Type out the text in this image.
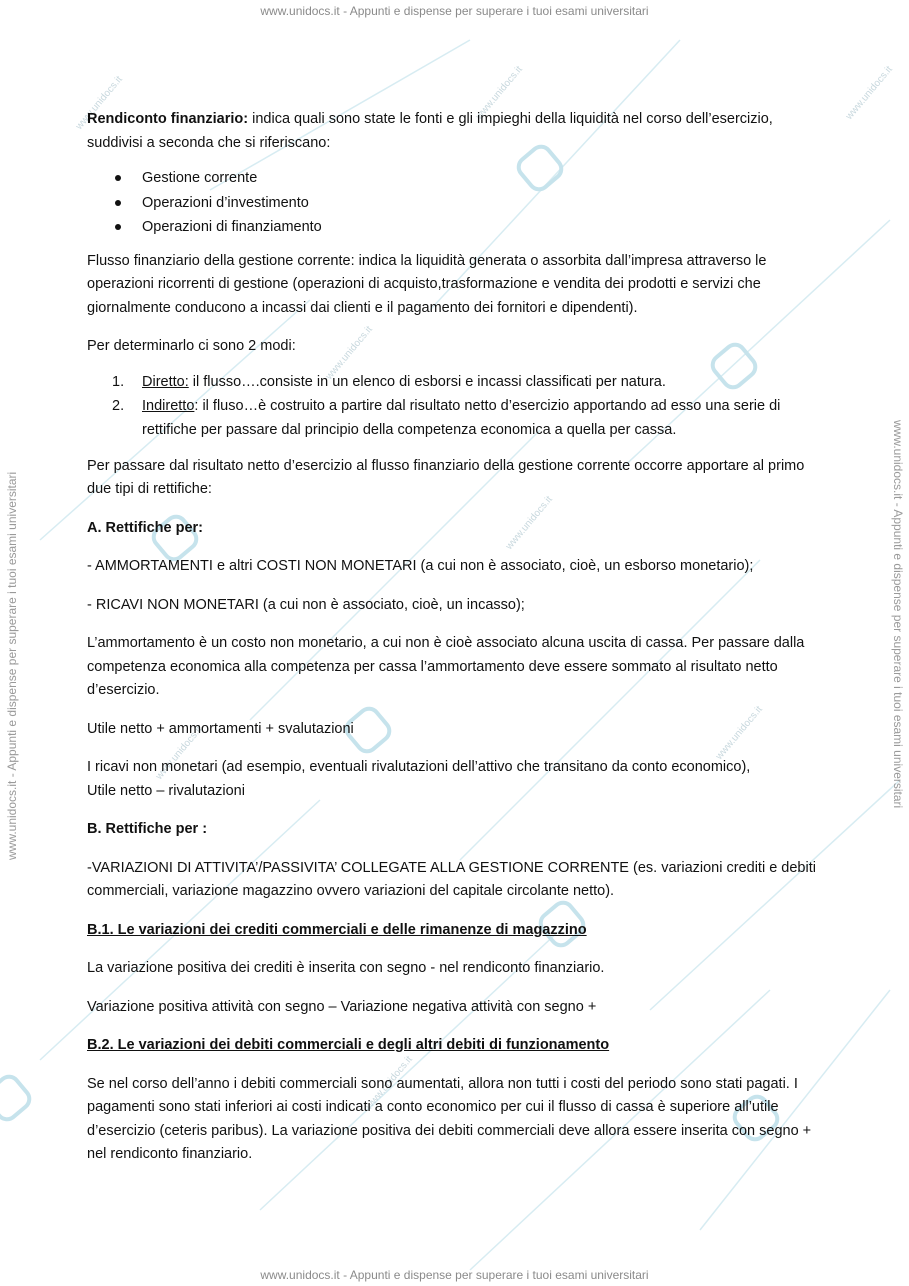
www.unidocs.it	www.unidocs.it
www.unidocs.it
www.unidocs.it
www.unidocs.it
www.unidocs.it
www.unidocs.it
www.unidocs.it
www.unidocs.it - Appunti e dispense per superare i tuoi esami universitari
www.unidocs.it - Appunti e dispense per superare i tuoi esami universitari
www.unidocs.it - Appunti e dispense per superare i tuoi esami universitari	www.unidocs.it - Appunti e dispense per superare i tuoi esami universitari

Rendiconto finanziario: indica quali sono state le fonti e gli impieghi della liquidità nel corso dell’esercizio, suddivisi a seconda che si riferiscano:

Gestione corrente
Operazioni d’investimento
Operazioni di finanziamento

Flusso finanziario della gestione corrente: indica la liquidità generata o assorbita dall’impresa attraverso le operazioni ricorrenti di gestione (operazioni di acquisto,trasformazione e vendita dei prodotti e servizi che giornalmente conducono a incassi dai clienti e il pagamento dei fornitori e dipendenti).

Per determinarlo ci sono 2 modi:

1. Diretto: il flusso….consiste in un elenco di esborsi e incassi classificati per natura.
2. Indiretto: il fluso…è costruito a partire dal risultato netto d’esercizio apportando ad esso una serie di rettifiche per passare dal principio della competenza economica a quella per cassa.

Per passare dal risultato netto d’esercizio al flusso finanziario della gestione corrente occorre apportare al primo due tipi di rettifiche:

A. Rettifiche per:

- AMMORTAMENTI e altri COSTI NON MONETARI (a cui non è associato, cioè, un esborso monetario);

- RICAVI NON MONETARI (a cui non è associato, cioè, un incasso);

L’ammortamento è un costo non monetario, a cui non è cioè associato alcuna uscita di cassa. Per passare dalla competenza economica alla competenza per cassa l’ammortamento deve essere sommato al risultato netto d’esercizio.

Utile netto + ammortamenti + svalutazioni

I ricavi non monetari (ad esempio, eventuali rivalutazioni dell’attivo che transitano da conto economico),
Utile netto – rivalutazioni

B. Rettifiche per :

-VARIAZIONI DI ATTIVITA’/PASSIVITA’ COLLEGATE ALLA GESTIONE CORRENTE (es. variazioni crediti e debiti commerciali, variazione magazzino ovvero variazioni del capitale circolante netto).

B.1. Le variazioni dei crediti commerciali e delle rimanenze di magazzino

La variazione positiva dei crediti è inserita con segno - nel rendiconto finanziario.

Variazione positiva attività con segno – Variazione negativa attività con segno +

B.2. Le variazioni dei debiti commerciali e degli altri debiti di funzionamento

Se nel corso dell’anno i debiti commerciali sono aumentati, allora non tutti i costi del periodo sono stati pagati. I pagamenti sono stati inferiori ai costi indicati a conto economico per cui il flusso di cassa è superiore all’utile d’esercizio (ceteris paribus). La variazione positiva dei debiti commerciali deve allora essere inserita con segno + nel rendiconto finanziario.
